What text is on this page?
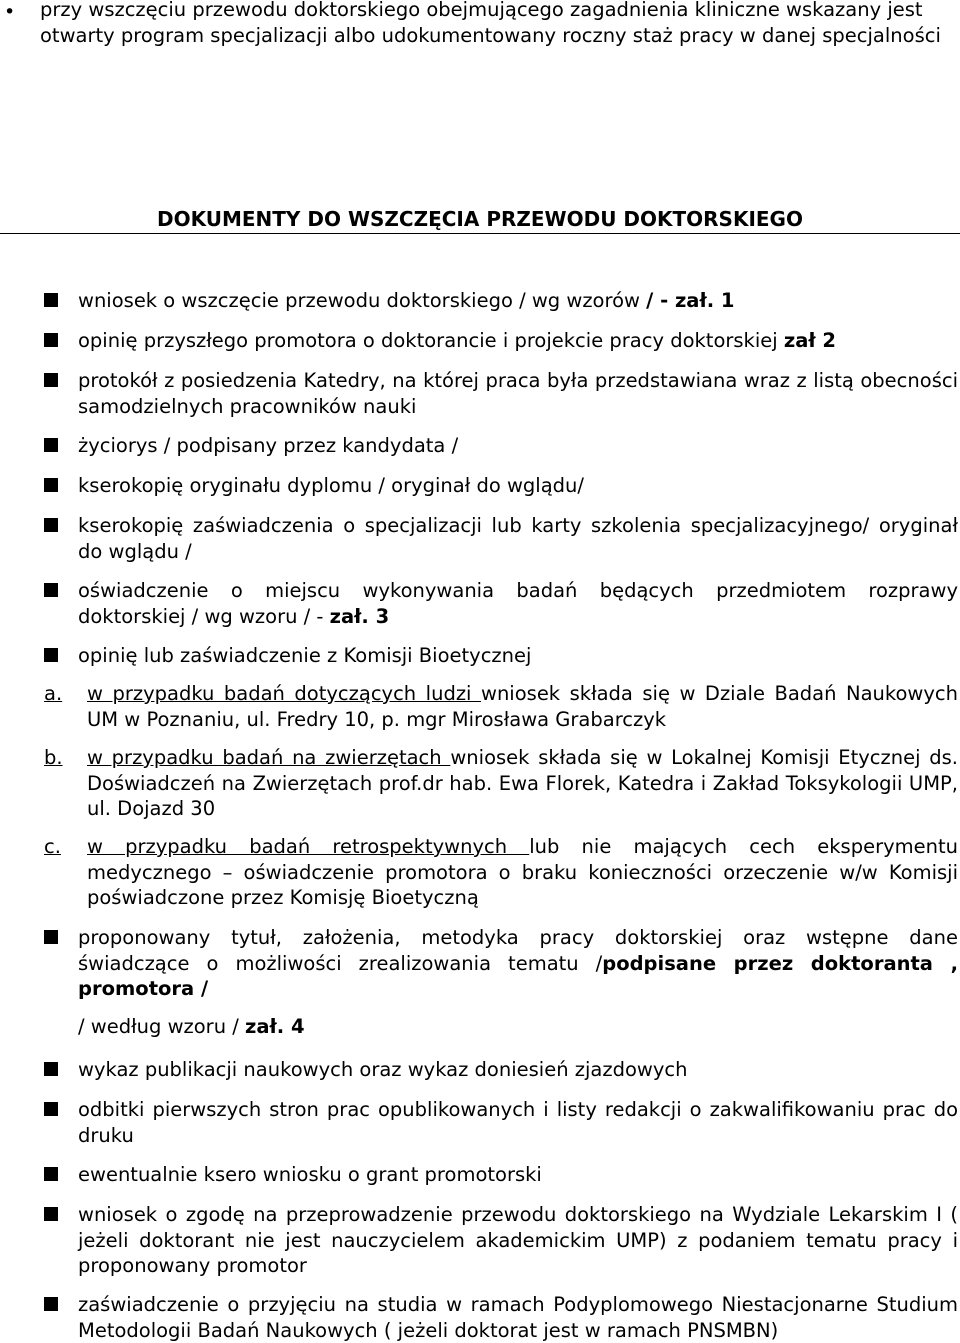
• przy wszczęciu przewodu doktorskiego obejmującego zagadnienia kliniczne wskazany jest otwarty program specjalizacji albo udokumentowany roczny staż pracy w danej specjalności
DOKUMENTY DO WSZCZĘCIA PRZEWODU DOKTORSKIEGO
wniosek o wszczęcie przewodu doktorskiego / wg wzorów / - zał. 1
opinię przyszłego promotora o doktorancie i projekcie pracy doktorskiej zał 2
protokół z posiedzenia Katedry, na której praca była przedstawiana wraz z listą obecności samodzielnych pracowników nauki
życiorys / podpisany przez kandydata /
kserokopię oryginału dyplomu / oryginał do wglądu/
kserokopię zaświadczenia o specjalizacji lub karty szkolenia specjalizacyjnego/ oryginał do wglądu /
oświadczenie o miejscu wykonywania badań będących przedmiotem rozprawy doktorskiej / wg wzoru / - zał. 3
opinię lub zaświadczenie z Komisji Bioetycznej
a. w przypadku badań dotyczących ludzi wniosek składa się w Dziale Badań Naukowych UM w Poznaniu, ul. Fredry 10, p. mgr Mirosława Grabarczyk
b. w przypadku badań na zwierzętach wniosek składa się w Lokalnej Komisji Etycznej ds. Doświadczeń na Zwierzętach prof.dr hab. Ewa Florek, Katedra i Zakład Toksykologii UMP, ul. Dojazd 30
c. w przypadku badań retrospektywnych lub nie mających cech eksperymentu medycznego – oświadczenie promotora o braku konieczności orzeczenie w/w Komisji poświadczone przez Komisję Bioetyczną
proponowany tytuł, założenia, metodyka pracy doktorskiej oraz wstępne dane świadczące o możliwości zrealizowania tematu /podpisane przez doktoranta , promotora /
/ według wzoru / zał. 4
wykaz publikacji naukowych oraz wykaz doniesień zjazdowych
odbitki pierwszych stron prac opublikowanych i listy redakcji o zakwalifikowaniu prac do druku
ewentualnie ksero wniosku o grant promotorski
wniosek o zgodę na przeprowadzenie przewodu doktorskiego na Wydziale Lekarskim I ( jeżeli doktorant nie jest nauczycielem akademickim UMP) z podaniem tematu pracy i proponowany promotor
zaświadczenie o przyjęciu na studia w ramach Podyplomowego Niestacjonarne Studium Metodologii Badań Naukowych ( jeżeli doktorat jest w ramach PNSMBN)
